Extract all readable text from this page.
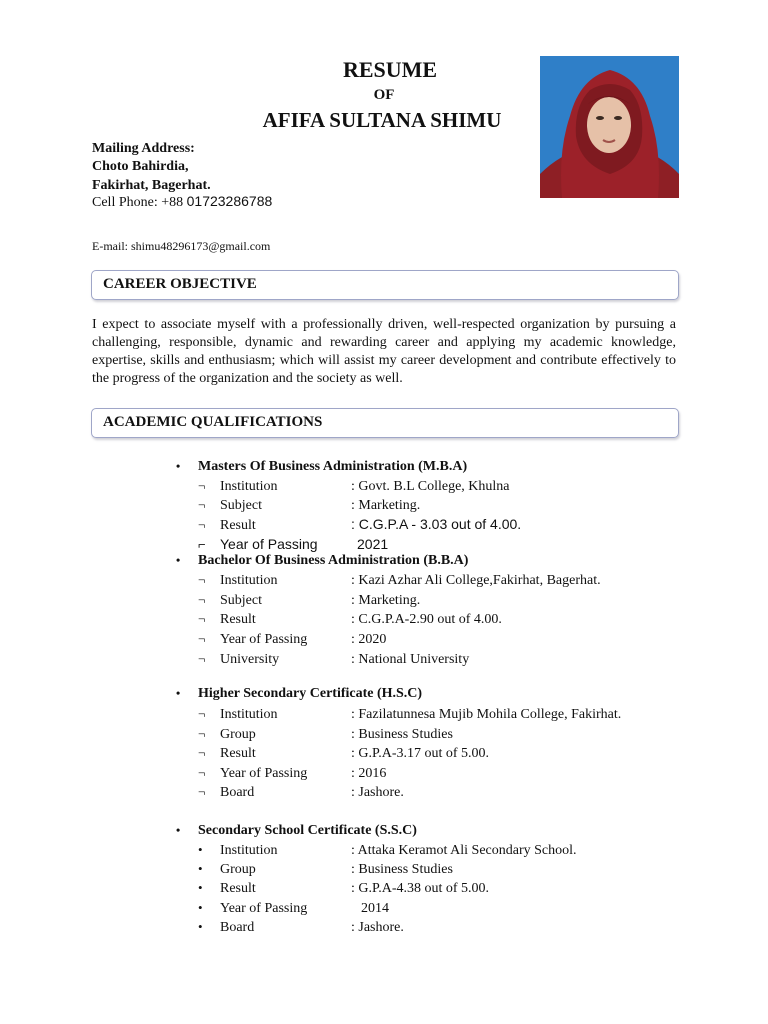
RESUME
OF
AFIFA SULTANA SHIMU
Mailing Address:
Choto Bahirdia,
Fakirhat, Bagerhat.
Cell Phone: +88 01723286788
E-mail: shimu48296173@gmail.com
CAREER OBJECTIVE

I expect to associate myself with a professionally driven, well-respected organization by pursuing a challenging, responsible, dynamic and rewarding career and applying my academic knowledge, expertise, skills and enthusiasm; which will assist my career development and contribute effectively to the progress of the organization and the society as well.

ACADEMIC QUALIFICATIONS
• Masters Of Business Administration (M.B.A)
¬ Institution	: Govt. B.L College, Khulna
¬ Subject	: Marketing.
¬ Result	: C.G.P.A - 3.03 out of 4.00.
⌐ Year of Passing	2021
• Bachelor Of Business Administration (B.B.A)
¬ Institution	: Kazi Azhar Ali College,Fakirhat, Bagerhat.
¬ Subject	: Marketing.
¬ Result	: C.G.P.A-2.90 out of 4.00.
¬ Year of Passing	: 2020
¬ University	: National University
• Higher Secondary Certificate (H.S.C)
¬ Institution	: Fazilatunnesa Mujib Mohila College, Fakirhat.
¬ Group	: Business Studies
¬ Result	: G.P.A-3.17 out of 5.00.
¬ Year of Passing	: 2016
¬ Board	: Jashore.
• Secondary School Certificate (S.S.C)
• Institution	: Attaka Keramot Ali Secondary School.
• Group	: Business Studies
• Result	: G.P.A-4.38 out of 5.00.
• Year of Passing	2014
• Board	: Jashore.
